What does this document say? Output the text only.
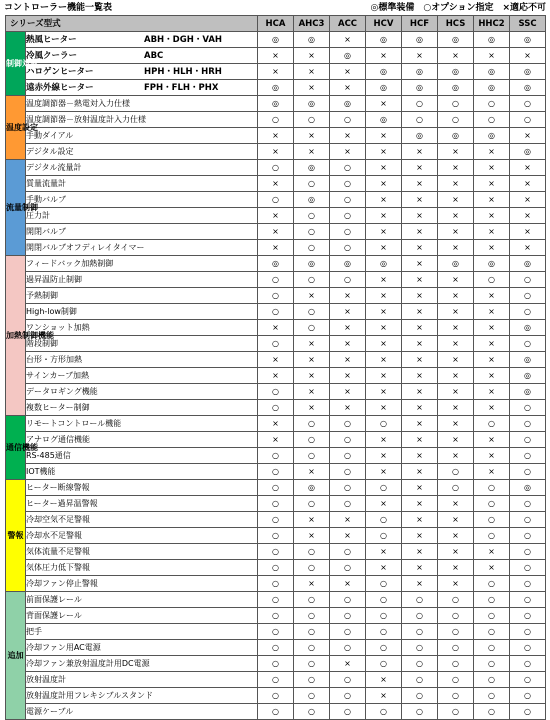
コントローラー機能一覧表	◎標準装備　○オプション指定　×適応不可
シリーズ型式		HCA	AHC3	ACC	HCV	HCF	HCS	HHC2	SSC
制御対象	熱風ヒーター ABH・DGH・VAH	◎	◎	×	◎	◎	◎	◎	◎
	冷風クーラー ABC	×	×	◎	×	×	×	×	×
	ハロゲンヒーター HPH・HLH・HRH	×	×	×	◎	◎	◎	◎	◎
	遠赤外線ヒーター FPH・FLH・PHX	◎	×	×	◎	◎	◎	◎	◎
温度設定	温度調節器－熱電対入力仕様	◎	◎	◎	×	○	○	○	○
	温度調節器－放射温度計入力仕様	○	○	○	◎	○	○	○	○
	手動ダイアル	×	×	×	×	◎	◎	◎	×
	デジタル設定	×	×	×	×	×	×	×	◎
流量制御	デジタル流量計	○	◎	○	×	×	×	×	×
	質量流量計	×	○	○	×	×	×	×	×
	手動バルブ	○	◎	○	×	×	×	×	×
	圧力計	×	○	○	×	×	×	×	×
	開閉バルブ	×	○	○	×	×	×	×	×
	開閉バルブオフディレイタイマー	×	○	○	×	×	×	×	×
加熱制御機能	フィードバック加熱制御	◎	◎	◎	◎	×	◎	◎	◎
	過昇温防止制御	○	○	○	×	×	×	○	○
	予熱制御	○	×	×	×	×	×	×	○
	High-low制御	○	○	×	×	×	×	×	○
	ワンショット加熱	×	○	×	×	×	×	×	◎
	階段制御	○	×	×	×	×	×	×	○
	台形・方形加熱	×	×	×	×	×	×	×	◎
	サインカーブ加熱	×	×	×	×	×	×	×	◎
	データロギング機能	○	×	×	×	×	×	×	◎
	複数ヒーター制御	○	×	×	×	×	×	×	○
通信機能	リモートコントロール機能	×	○	○	○	×	×	○	○
	アナログ通信機能	×	○	○	×	×	×	×	○
	RS-485通信	○	○	○	×	×	×	×	○
	IOT機能	○	×	○	×	×	○	×	○
警報	ヒーター断線警報	○	◎	○	○	×	○	○	◎
	ヒーター過昇温警報	○	○	○	×	×	×	○	○
	冷却空気不足警報	○	×	×	○	×	×	○	○
	冷却水不足警報	○	×	×	○	×	×	○	○
	気体流量不足警報	○	○	○	×	×	×	×	○
	気体圧力低下警報	○	○	○	×	×	×	×	○
	冷却ファン停止警報	○	×	×	○	×	×	○	○
追加	前面保護レール	○	○	○	○	○	○	○	○
	背面保護レール	○	○	○	○	○	○	○	○
	把手	○	○	○	○	○	○	○	○
	冷却ファン用AC電源	○	○	○	○	○	○	○	○
	冷却ファン兼放射温度計用DC電源	○	○	×	○	○	○	○	○
	放射温度計	○	○	○	×	○	○	○	○
	放射温度計用フレキシブルスタンド	○	○	○	×	○	○	○	○
	電源ケーブル	○	○	○	○	○	○	○	○
